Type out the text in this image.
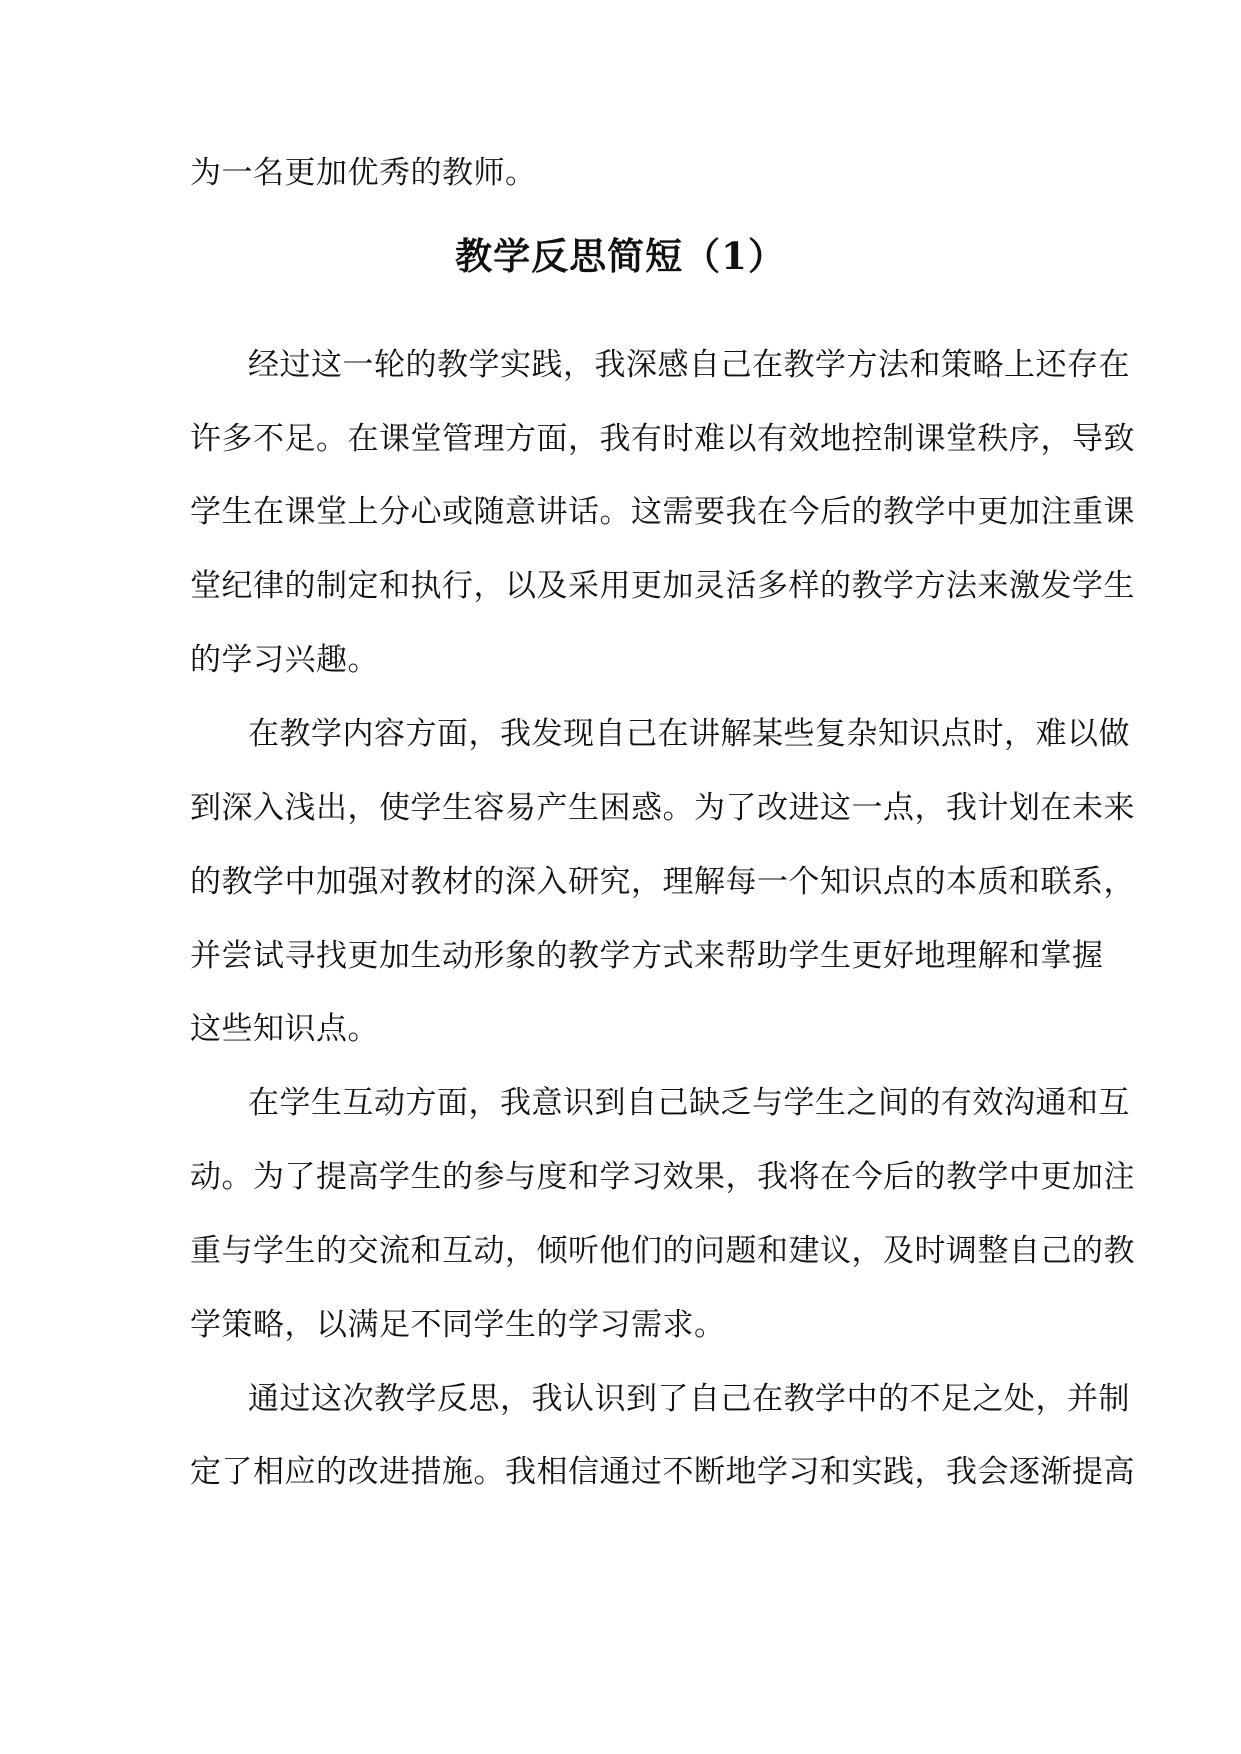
为一名更加优秀的教师。
教学反思简短（1）
经过这一轮的教学实践，我深感自己在教学方法和策略上还存在
许多不足。在课堂管理方面，我有时难以有效地控制课堂秩序，导致
学生在课堂上分心或随意讲话。这需要我在今后的教学中更加注重课
堂纪律的制定和执行，以及采用更加灵活多样的教学方法来激发学生
的学习兴趣。
在教学内容方面，我发现自己在讲解某些复杂知识点时，难以做
到深入浅出，使学生容易产生困惑。为了改进这一点，我计划在未来
的教学中加强对教材的深入研究，理解每一个知识点的本质和联系，
并尝试寻找更加生动形象的教学方式来帮助学生更好地理解和掌握
这些知识点。
在学生互动方面，我意识到自己缺乏与学生之间的有效沟通和互
动。为了提高学生的参与度和学习效果，我将在今后的教学中更加注
重与学生的交流和互动，倾听他们的问题和建议，及时调整自己的教
学策略，以满足不同学生的学习需求。
通过这次教学反思，我认识到了自己在教学中的不足之处，并制
定了相应的改进措施。我相信通过不断地学习和实践，我会逐渐提高
